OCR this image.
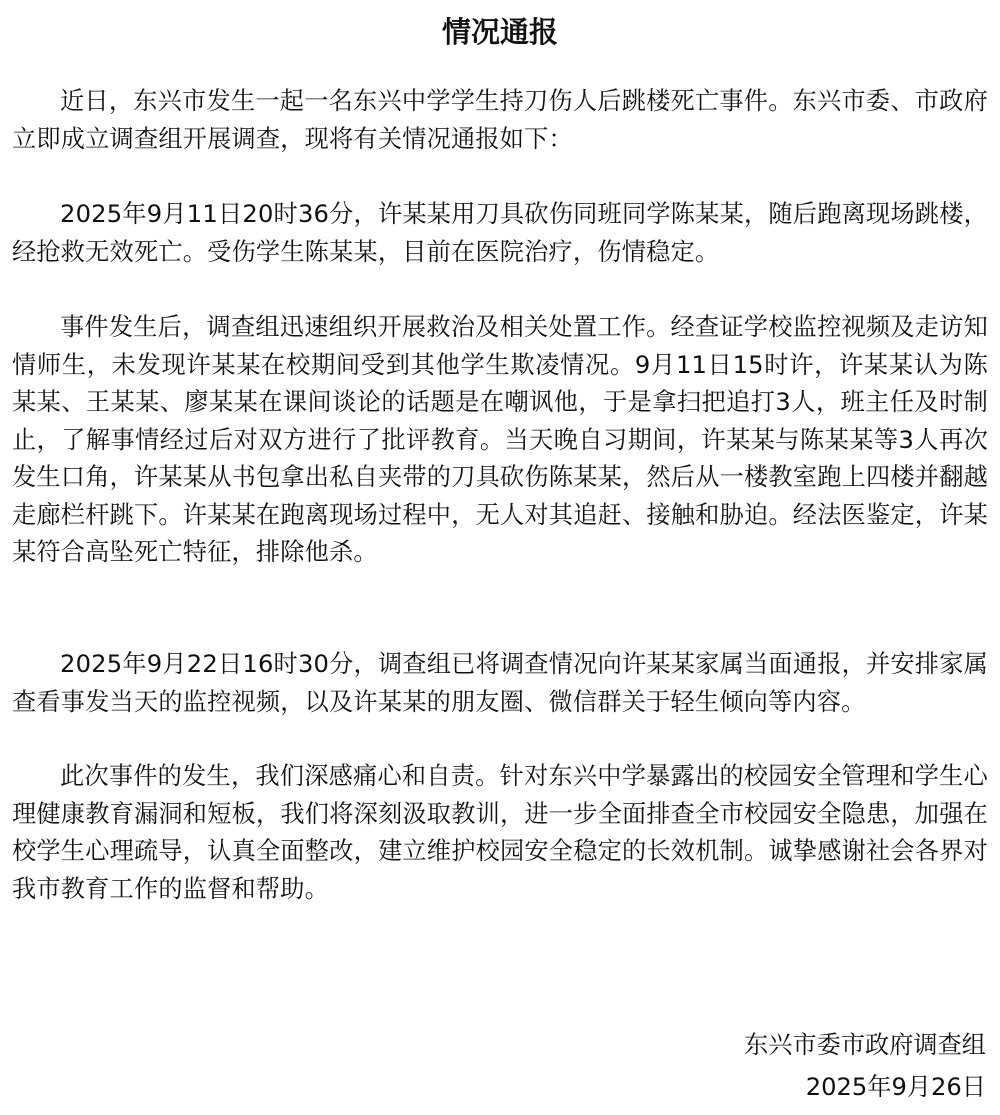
情况通报

近日，东兴市发生一起一名东兴中学学生持刀伤人后跳楼死亡事件。东兴市委、市政府立即成立调查组开展调查，现将有关情况通报如下：

2025年9月11日20时36分，许某某用刀具砍伤同班同学陈某某，随后跑离现场跳楼，经抢救无效死亡。受伤学生陈某某，目前在医院治疗，伤情稳定。

事件发生后，调查组迅速组织开展救治及相关处置工作。经查证学校监控视频及走访知情师生，未发现许某某在校期间受到其他学生欺凌情况。9月11日15时许，许某某认为陈某某、王某某、廖某某在课间谈论的话题是在嘲讽他，于是拿扫把追打3人，班主任及时制止，了解事情经过后对双方进行了批评教育。当天晚自习期间，许某某与陈某某等3人再次发生口角，许某某从书包拿出私自夹带的刀具砍伤陈某某，然后从一楼教室跑上四楼并翻越走廊栏杆跳下。许某某在跑离现场过程中，无人对其追赶、接触和胁迫。经法医鉴定，许某某符合高坠死亡特征，排除他杀。

2025年9月22日16时30分，调查组已将调查情况向许某某家属当面通报，并安排家属查看事发当天的监控视频，以及许某某的朋友圈、微信群关于轻生倾向等内容。

此次事件的发生，我们深感痛心和自责。针对东兴中学暴露出的校园安全管理和学生心理健康教育漏洞和短板，我们将深刻汲取教训，进一步全面排查全市校园安全隐患，加强在校学生心理疏导，认真全面整改，建立维护校园安全稳定的长效机制。诚挚感谢社会各界对我市教育工作的监督和帮助。

东兴市委市政府调查组

2025年9月26日
